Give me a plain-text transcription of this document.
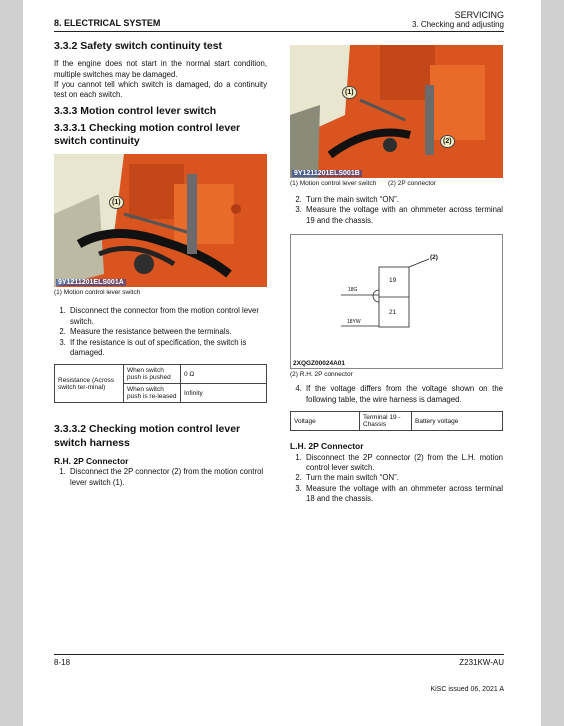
8. ELECTRICAL SYSTEM
SERVICING
3. Checking and adjusting
3.3.2 Safety switch continuity test

If the engine does not start in the normal start condition, multiple switches may be damaged.

If you cannot tell which switch is damaged, do a continuity test on each switch.

3.3.3 Motion control lever switch
3.3.3.1 Checking motion control lever switch continuity
(1)
9Y1211201ELS001A
(1) Motion control lever switch
1. Disconnect the connector from the motion control lever switch.
2. Measure the resistance between the terminals.
3. If the resistance is out of specification, the switch is damaged.
Resistance (Across switch ter-minal)	When switch push is pushed	0 Ω
	When switch push is re-leased	Infinity
3.3.3.2 Checking motion control lever switch harness
R.H. 2P Connector
1. Disconnect the 2P connector (2) from the motion control lever switch (1).
(1)
(2)
9Y1211201ELS001B
(1) Motion control lever switch (2) 2P connector
2. Turn the main switch “ON”.
3. Measure the voltage with an ohmmeter across terminal 19 and the chassis.
(2)
19
21
18G
18YW
2XQGZ00024A01
(2) R.H. 2P connector
4. If the voltage differs from the voltage shown on the following table, the wire harness is damaged.
Voltage	Terminal 19 - Chassis	Battery voltage
L.H. 2P Connector
1. Disconnect the 2P connector (2) from the L.H. motion control lever switch.
2. Turn the main switch “ON”.
3. Measure the voltage with an ohmmeter across terminal 18 and the chassis.
8-18	Z231KW-AU
KiSC issued 06, 2021 A
